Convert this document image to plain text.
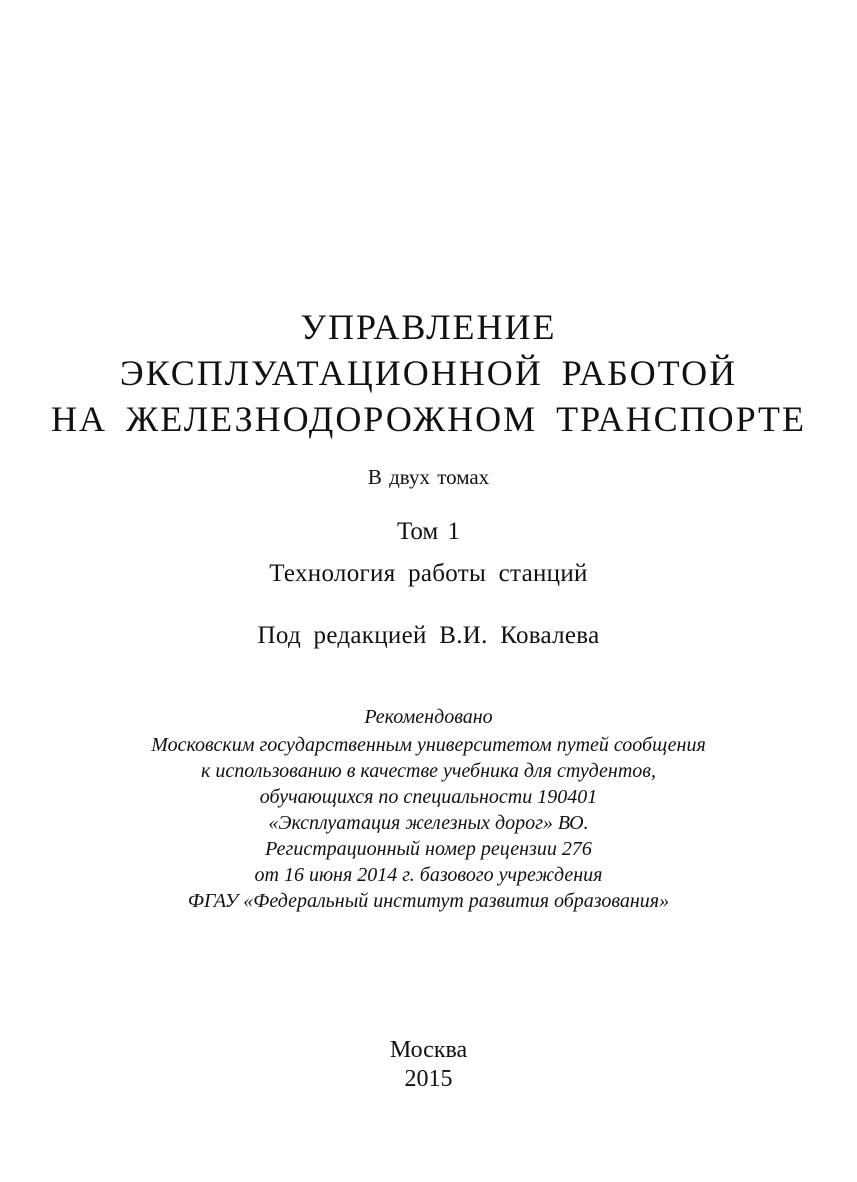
УПРАВЛЕНИЕ
ЭКСПЛУАТАЦИОННОЙ РАБОТОЙ
НА ЖЕЛЕЗНОДОРОЖНОМ ТРАНСПОРТЕ
В двух томах
Том 1
Технология работы станций
Под редакцией В.И. Ковалева
Рекомендовано
Московским государственным университетом путей сообщения
к использованию в качестве учебника для студентов,
обучающихся по специальности 190401
«Эксплуатация железных дорог» ВО.
Регистрационный номер рецензии 276
от 16 июня 2014 г. базового учреждения
ФГАУ «Федеральный институт развития образования»
Москва
2015
